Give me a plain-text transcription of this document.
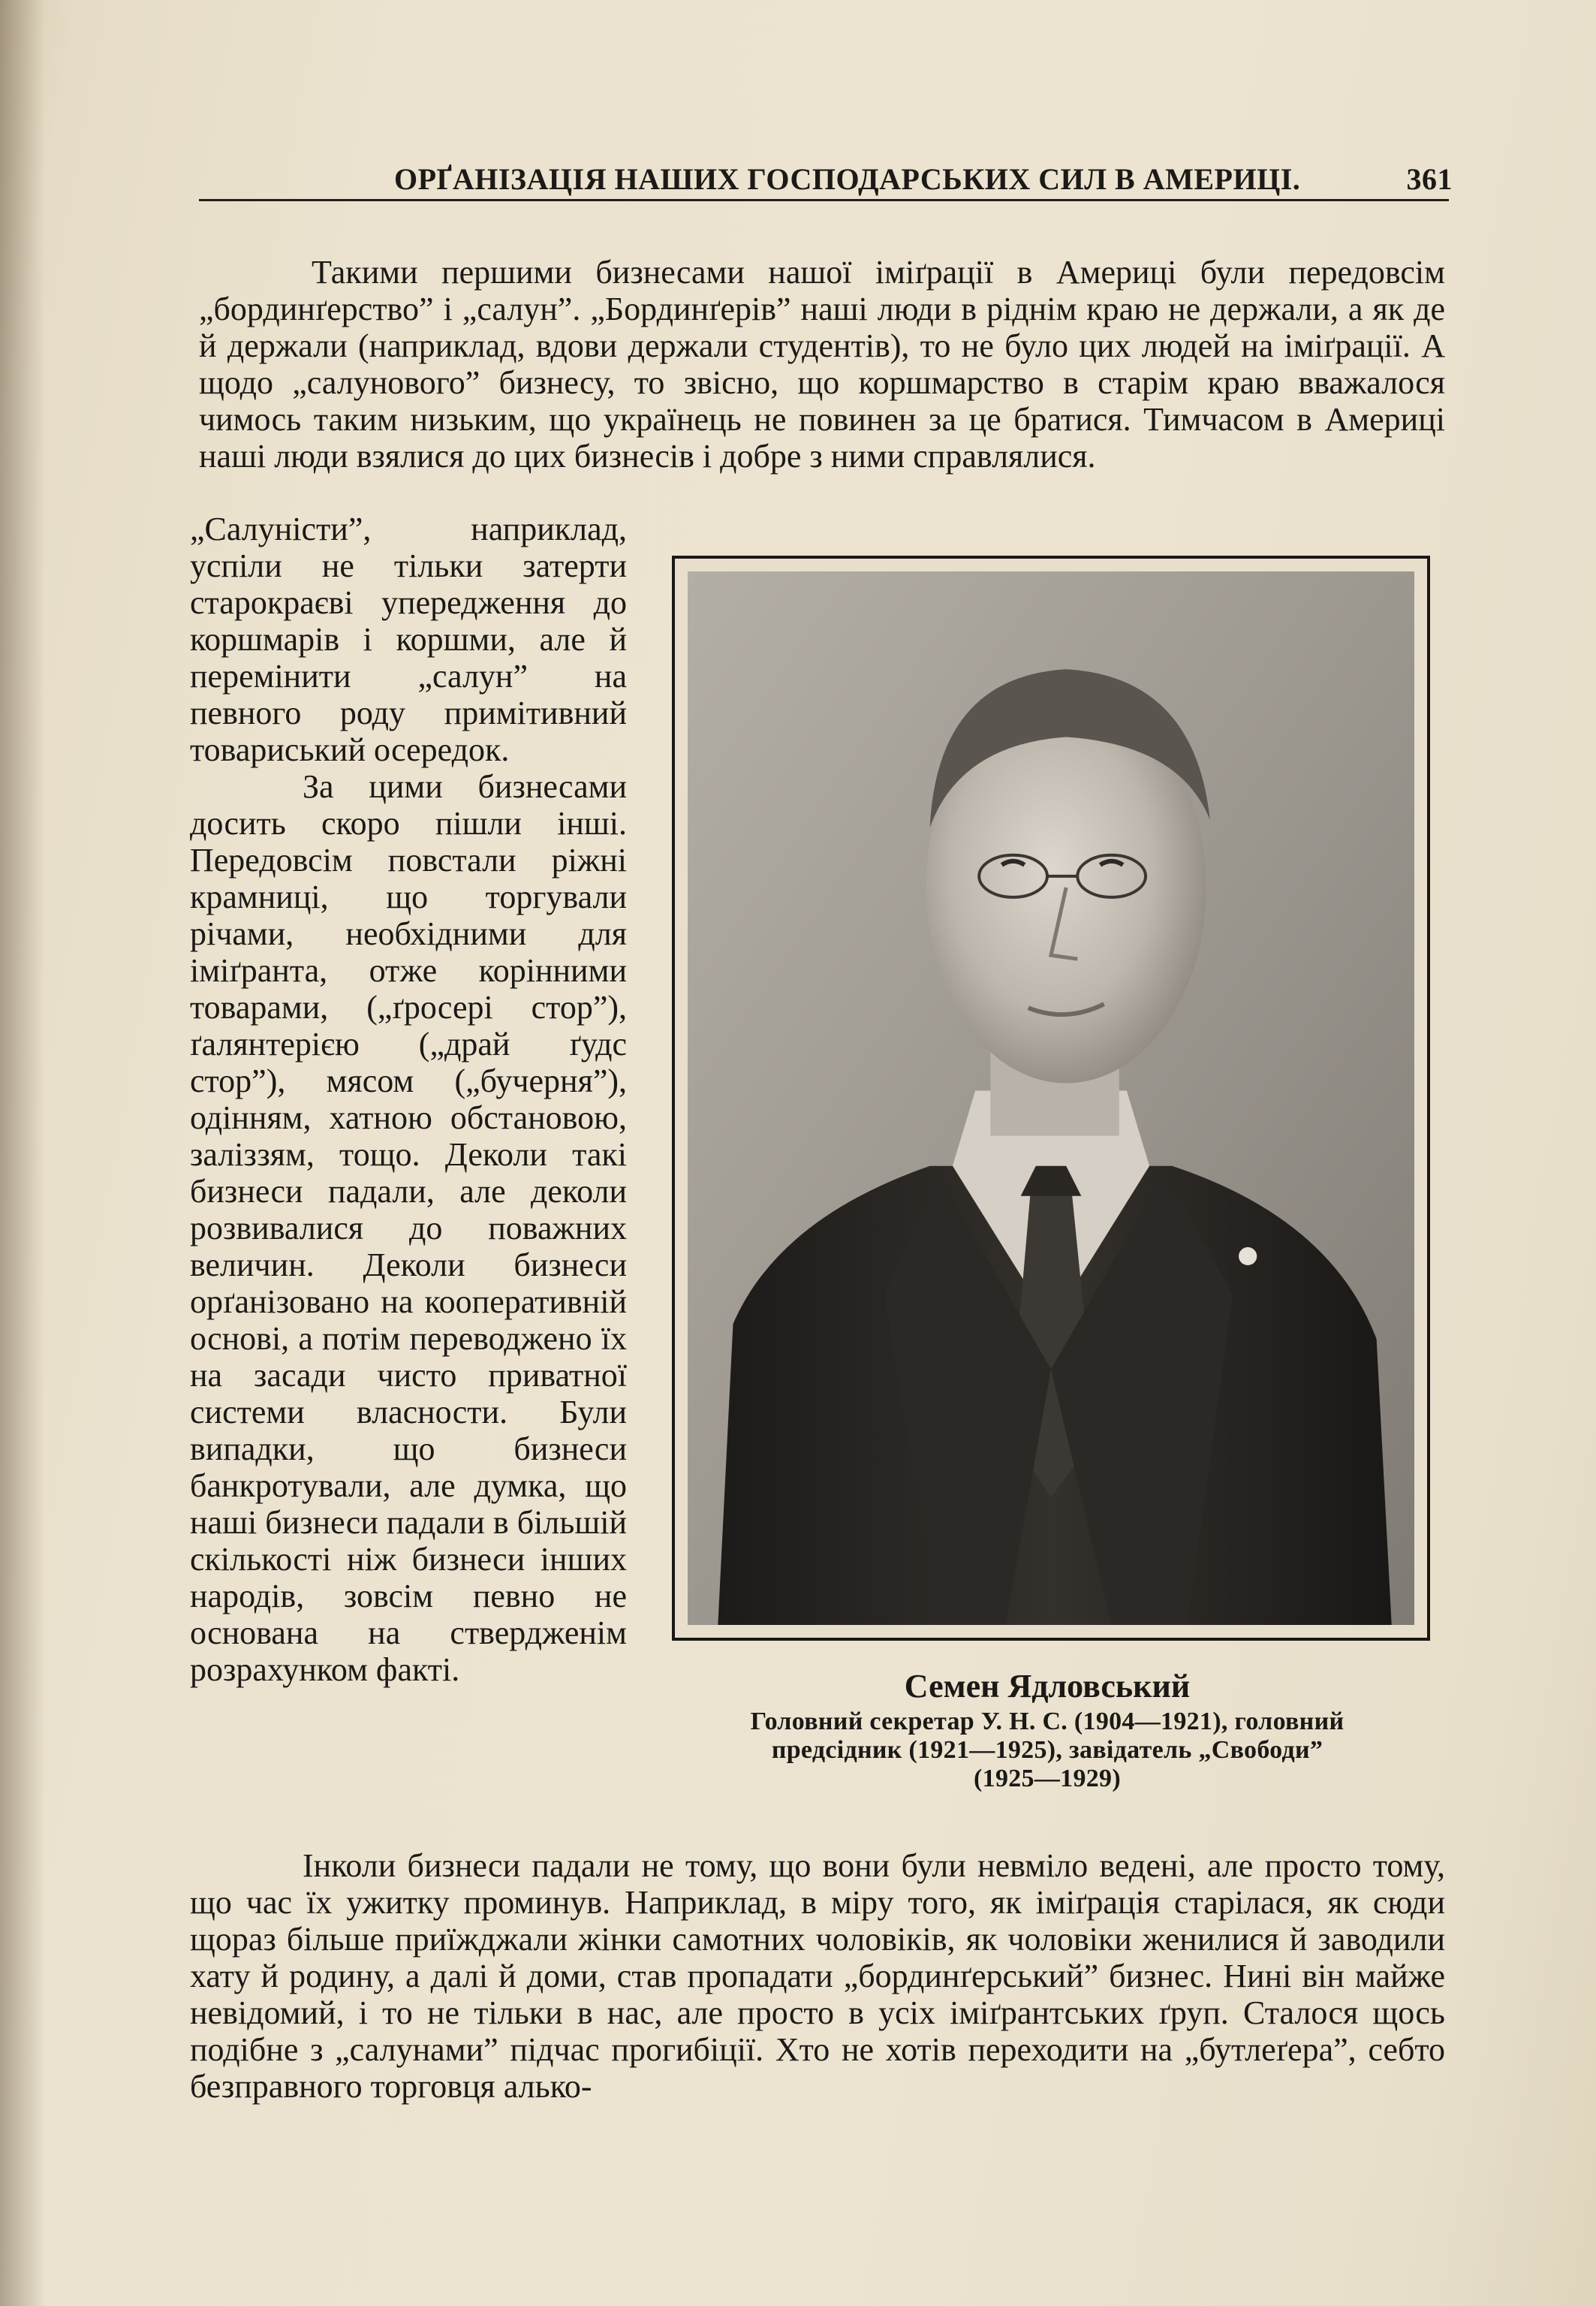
ОРҐАНІЗАЦІЯ НАШИХ ГОСПОДАРСЬКИХ СИЛ В АМЕРИЦІ.	361

Такими першими бизнесами нашої іміґрації в Америці були передовсім „бординґерство” і „салун”. „Бординґерів” наші люди в ріднім краю не держали, а як де й держали (наприклад, вдови держали студентів), то не було цих людей на іміґрації. А щодо „салунового” бизнесу, то звісно, що коршмарство в старім краю вважалося чимось таким низьким, що українець не повинен за це братися. Тимчасом в Америці наші люди взялися до цих бизнесів і добре з ними справлялися.

„Салуністи”, наприклад, успіли не тільки затерти старокраєві упередження до коршмарів і коршми, але й перемінити „салун” на певного роду примітивний товариський осередок.

За цими бизнесами досить скоро пішли інші. Передовсім повстали ріжні крамниці, що торгували річами, необхідними для іміґранта, отже корінними товарами, („ґросері стор”), ґалянтерією („драй ґудс стор”), мясом („бучерня”), одінням, хатною обстановою, заліззям, тощо. Деколи такі бизнеси падали, але деколи розвивалися до поважних величин. Деколи бизнеси орґанізовано на кооперативній основі, а потім переводжено їх на засади чисто приватної системи власности. Були випадки, що бизнеси банкротували, але думка, що наші бизнеси падали в більшій скількості ніж бизнеси інших народів, зовсім певно не основана на ствердженім розрахунком факті.	Семен Ядловський
Головний секретар У. Н. С. (1904—1921), головний
предсідник (1921—1925), завідатель „Свободи”
(1925—1929)

Інколи бизнеси падали не тому, що вони були невміло ведені, але просто тому, що час їх ужитку проминув. Наприклад, в міру того, як іміґрація старілася, як сюди щораз більше приїжджали жінки самотних чоловіків, як чоловіки женилися й заводили хату й родину, а далі й доми, став пропадати „бординґерський” бизнес. Нині він майже невідомий, і то не тільки в нас, але просто в усіх іміґрантських ґруп. Сталося щось подібне з „салунами” підчас прогибіції. Хто не хотів переходити на „бутлеґера”, себто безправного торговця алько-
